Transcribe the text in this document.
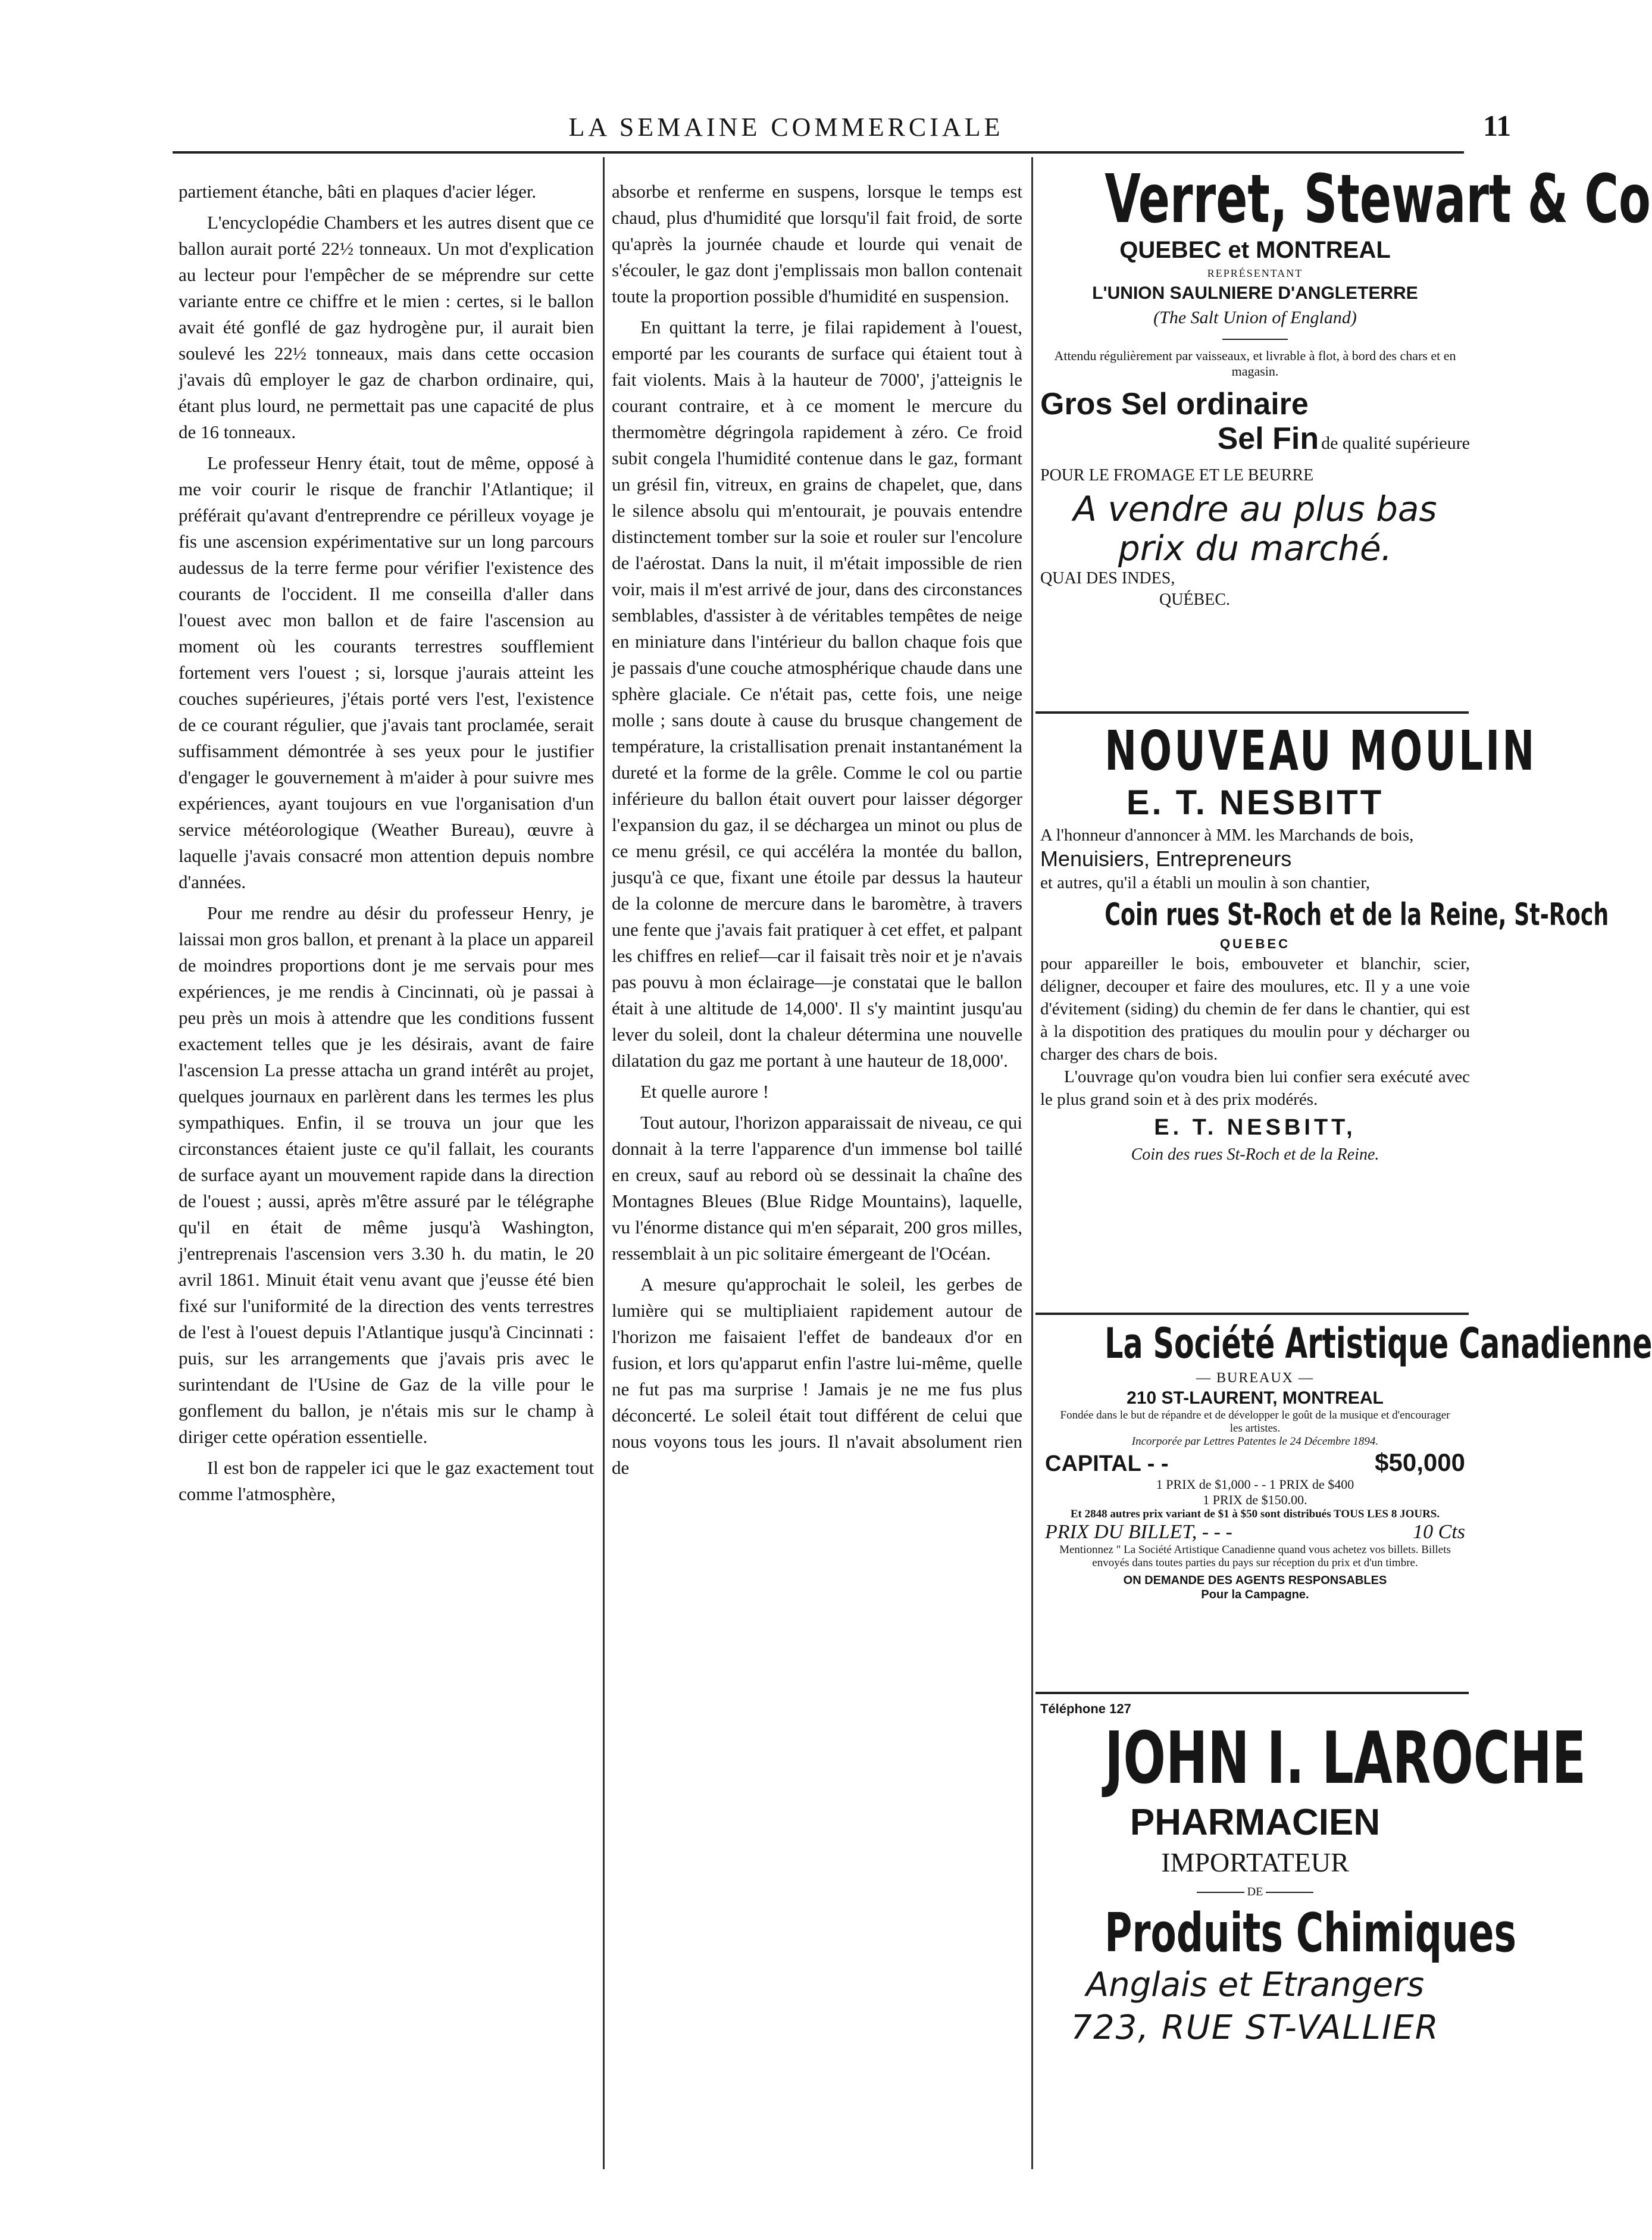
LA SEMAINE COMMERCIALE	11

partiement étanche, bâti en plaques d'acier léger.

L'encyclopédie Chambers et les autres disent que ce ballon aurait porté 22½ tonneaux. Un mot d'explication au lecteur pour l'empêcher de se méprendre sur cette variante entre ce chiffre et le mien : certes, si le ballon avait été gonflé de gaz hydrogène pur, il aurait bien soulevé les 22½ tonneaux, mais dans cette occasion j'avais dû employer le gaz de charbon ordinaire, qui, étant plus lourd, ne permettait pas une capacité de plus de 16 tonneaux.

Le professeur Henry était, tout de même, opposé à me voir courir le risque de franchir l'Atlantique; il préférait qu'avant d'entreprendre ce périlleux voyage je fis une ascension expérimentative sur un long parcours audessus de la terre ferme pour vérifier l'existence des courants de l'occident. Il me conseilla d'aller dans l'ouest avec mon ballon et de faire l'ascension au moment où les courants terrestres soufflemient fortement vers l'ouest ; si, lorsque j'aurais atteint les couches supérieures, j'étais porté vers l'est, l'existence de ce courant régulier, que j'avais tant proclamée, serait suffisamment démontrée à ses yeux pour le justifier d'engager le gouvernement à m'aider à pour suivre mes expériences, ayant toujours en vue l'organisation d'un service météorologique (Weather Bureau), œuvre à laquelle j'avais consacré mon attention depuis nombre d'années.

Pour me rendre au désir du professeur Henry, je laissai mon gros ballon, et prenant à la place un appareil de moindres proportions dont je me servais pour mes expériences, je me rendis à Cincinnati, où je passai à peu près un mois à attendre que les conditions fussent exactement telles que je les désirais, avant de faire l'ascension La presse attacha un grand intérêt au projet, quelques journaux en parlèrent dans les termes les plus sympathiques. Enfin, il se trouva un jour que les circonstances étaient juste ce qu'il fallait, les courants de surface ayant un mouvement rapide dans la direction de l'ouest ; aussi, après m'être assuré par le télégraphe qu'il en était de même jusqu'à Washington, j'entreprenais l'ascension vers 3.30 h. du matin, le 20 avril 1861. Minuit était venu avant que j'eusse été bien fixé sur l'uniformité de la direction des vents terrestres de l'est à l'ouest depuis l'Atlantique jusqu'à Cincinnati : puis, sur les arrangements que j'avais pris avec le surintendant de l'Usine de Gaz de la ville pour le gonflement du ballon, je n'étais mis sur le champ à diriger cette opération essentielle.

Il est bon de rappeler ici que le gaz exactement tout comme l'atmosphère,

absorbe et renferme en suspens, lorsque le temps est chaud, plus d'humidité que lorsqu'il fait froid, de sorte qu'après la journée chaude et lourde qui venait de s'écouler, le gaz dont j'emplissais mon ballon contenait toute la proportion possible d'humidité en suspension.

En quittant la terre, je filai rapidement à l'ouest, emporté par les courants de surface qui étaient tout à fait violents. Mais à la hauteur de 7000', j'atteignis le courant contraire, et à ce moment le mercure du thermomètre dégringola rapidement à zéro. Ce froid subit congela l'humidité contenue dans le gaz, formant un grésil fin, vitreux, en grains de chapelet, que, dans le silence absolu qui m'entourait, je pouvais entendre distinctement tomber sur la soie et rouler sur l'encolure de l'aérostat. Dans la nuit, il m'était impossible de rien voir, mais il m'est arrivé de jour, dans des circonstances semblables, d'assister à de véritables tempêtes de neige en miniature dans l'intérieur du ballon chaque fois que je passais d'une couche atmosphérique chaude dans une sphère glaciale. Ce n'était pas, cette fois, une neige molle ; sans doute à cause du brusque changement de température, la cristallisation prenait instantanément la dureté et la forme de la grêle. Comme le col ou partie inférieure du ballon était ouvert pour laisser dégorger l'expansion du gaz, il se déchargea un minot ou plus de ce menu grésil, ce qui accéléra la montée du ballon, jusqu'à ce que, fixant une étoile par dessus la hauteur de la colonne de mercure dans le baromètre, à travers une fente que j'avais fait pratiquer à cet effet, et palpant les chiffres en relief—car il faisait très noir et je n'avais pas pouvu à mon éclairage—je constatai que le ballon était à une altitude de 14,000'. Il s'y maintint jusqu'au lever du soleil, dont la chaleur détermina une nouvelle dilatation du gaz me portant à une hauteur de 18,000'.

Et quelle aurore !

Tout autour, l'horizon apparaissait de niveau, ce qui donnait à la terre l'apparence d'un immense bol taillé en creux, sauf au rebord où se dessinait la chaîne des Montagnes Bleues (Blue Ridge Mountains), laquelle, vu l'énorme distance qui m'en séparait, 200 gros milles, ressemblait à un pic solitaire émergeant de l'Océan.

A mesure qu'approchait le soleil, les gerbes de lumière qui se multipliaient rapidement autour de l'horizon me faisaient l'effet de bandeaux d'or en fusion, et lors qu'apparut enfin l'astre lui-même, quelle ne fut pas ma surprise ! Jamais je ne me fus plus déconcerté. Le soleil était tout différent de celui que nous voyons tous les jours. Il n'avait absolument rien de

Verret, Stewart & Co
QUEBEC et MONTREAL
REPRÉSENTANT
L'UNION SAULNIERE D'ANGLETERRE
(The Salt Union of England)
Attendu régulièrement par vaisseaux, et livrable à flot, à bord des chars et en magasin.
Gros Sel ordinaire
Sel Fin de qualité supérieure
POUR LE FROMAGE ET LE BEURRE
A vendre au plus bas prix du marché.
QUAI DES INDES,
QUÉBEC.
NOUVEAU MOULIN
E. T. NESBITT
A l'honneur d'annoncer à MM. les Marchands de bois,
Menuisiers, Entrepreneurs
et autres, qu'il a établi un moulin à son chantier,
Coin rues St-Roch et de la Reine, St-Roch
QUEBEC
pour appareiller le bois, embouveter et blanchir, scier, déligner, decouper et faire des moulures, etc. Il y a une voie d'évitement (siding) du chemin de fer dans le chantier, qui est à la dispotition des pratiques du moulin pour y décharger ou charger des chars de bois.
L'ouvrage qu'on voudra bien lui confier sera exécuté avec le plus grand soin et à des prix modérés.
E. T. NESBITT,
Coin des rues St-Roch et de la Reine.
La Société Artistique Canadienne
— BUREAUX —
210 ST-LAURENT, MONTREAL
Fondée dans le but de répandre et de développer le goût de la musique et d'encourager les artistes.
Incorporée par Lettres Patentes le 24 Décembre 1894.
CAPITAL - -	$50,000
1 PRIX de $1,000 - - 1 PRIX de $400
1 PRIX de $150.00.
Et 2848 autres prix variant de $1 à $50 sont distribués TOUS LES 8 JOURS.
PRIX DU BILLET, - - -	10 Cts
Mentionnez " La Société Artistique Canadienne quand vous achetez vos billets. Billets envoyés dans toutes parties du pays sur réception du prix et d'un timbre.
ON DEMANDE DES AGENTS RESPONSABLES
Pour la Campagne.
Téléphone 127
JOHN I. LAROCHE
PHARMACIEN
IMPORTATEUR
DE
Produits Chimiques
Anglais et Etrangers
723, RUE ST-VALLIER
